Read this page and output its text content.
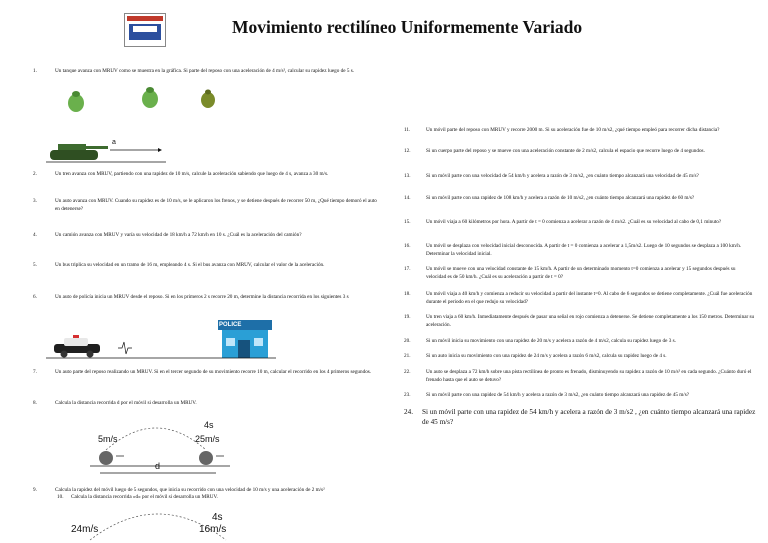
Movimiento rectilíneo Uniformemente Variado
1.	Un tanque avanza con MRUV como se muestra en la gráfica. Si parte del reposo con una aceleración de 4 m/s², calcular su rapidez luego de 5 s.
a
2.	Un tren avanza con MRUV, partiendo con una rapidez de 10 m/s, calcule la aceleración sabiendo que luego de 4 s, avanza a 30 m/s.
3.	Un auto avanza con MRUV. Cuando su rapidez es de 10 m/s, se le aplicaron los frenos, y se detiene después de recorrer 50 m, ¿Qué tiempo demoró el auto en detenerse?
4.	Un camión avanza con MRUV y varía su velocidad de 18 km/h a 72 km/h en 10 s. ¿Cuál es la aceleración del camión?
5.	Un bus triplica su velocidad en un tramo de 16 m, empleando 4 s. Si el bus avanza con MRUV, calcular el valor de la aceleración.
6.	Un auto de policía inicia un MRUV desde el reposo. Si en los primeros 2 s recorre 20 m, determine la distancia recorrida en los siguientes 3 s
POLICE
7.	Un auto parte del reposo realizando un MRUV. Si en el tercer segundo de su movimiento recorre 10 m, calcular el recorrido en los 4 primeros segundos.
8.	Calcula la distancia recorrida d por el móvil si desarrolla un MRUV.
5m/s	25m/s
4s
d
9.	Calcula la rapidez del móvil luego de 5 segundos, que inicia su recorrido con una velocidad de 10 m/s y una aceleración de 2 m/s²
10. Calcula la distancia recorrida «d» por el móvil si desarrolla un MRUV.
24m/s	16m/s
4s
11.	Un móvil parte del reposo con MRUV y recorre 2000 m. Si su aceleración fue de 10 m/s2, ¿qué tiempo empleó para recorrer dicha distancia?
12.	Si un cuerpo parte del reposo y se mueve con una aceleración constante de 2 m/s2, calcula el espacio que recorre luego de 4 segundos.
13.	Si un móvil parte con una velocidad de 54 km/h y acelera a razón de 3 m/s2, ¿en cuánto tiempo alcanzará una velocidad de 45 m/s?
14.	Si un móvil parte con una rapidez de 108 km/h y acelera a razón de 10 m/s2, ¿en cuánto tiempo alcanzará una rapidez de 60 m/s?
15.	Un móvil viaja a 60 kilómetros por hora. A partir de t = 0 comienza a acelerar a razón de 4 m/s2. ¿Cuál es su velocidad al cabo de 0,1 minuto?
16.	Un móvil se desplaza con velocidad inicial desconocida. A partir de t = 0 comienza a acelerar a 1,5m/s2. Luego de 10 segundos se desplaza a 100 km/h. Determinar la velocidad inicial.
17.	Un móvil se mueve con una velocidad constante de 15 km/h. A partir de un determinado momento t=0 comienza a acelerar y 15 segundos después su velocidad es de 50 km/h. ¿Cuál es su aceleración a partir de t = 0?
18.	Un móvil viaja a 40 km/h y comienza a reducir su velocidad a partir del instante t=0. Al cabo de 6 segundos se detiene completamente. ¿Cuál fue aceleración durante el periodo en el que redujo su velocidad?
19.	Un tren viaja a 60 km/h. Inmediatamente después de pasar una señal en rojo comienza a detenerse. Se detiene completamente a los 150 metros. Determinar su aceleración.
20.	Si un móvil inicia su movimiento con una rapidez de 20 m/s y acelera a razón de 4 m/s2, calcula su rapidez luego de 3 s.
21.	Si un auto inicia su movimiento con una rapidez de 24 m/s y acelera a razón 6 m/s2, calcula su rapidez luego de 4 s.
22.	Un auto se desplaza a 72 km/h sobre una pista rectilínea de pronto es frenado, disminuyendo su rapidez a razón de 10 m/s² en cada segundo. ¿Cuánto duró el frenado hasta que el auto se detuvo?
23.	Si un móvil parte con una rapidez de 54 km/h y acelera a razón de 3 m/s2, ¿en cuánto tiempo alcanzará una rapidez de 45 m/s?
24. Si un móvil parte con una rapidez de 54 km/h y acelera a razón de 3 m/s2 , ¿en cuánto tiempo alcanzará una rapidez de 45 m/s?
